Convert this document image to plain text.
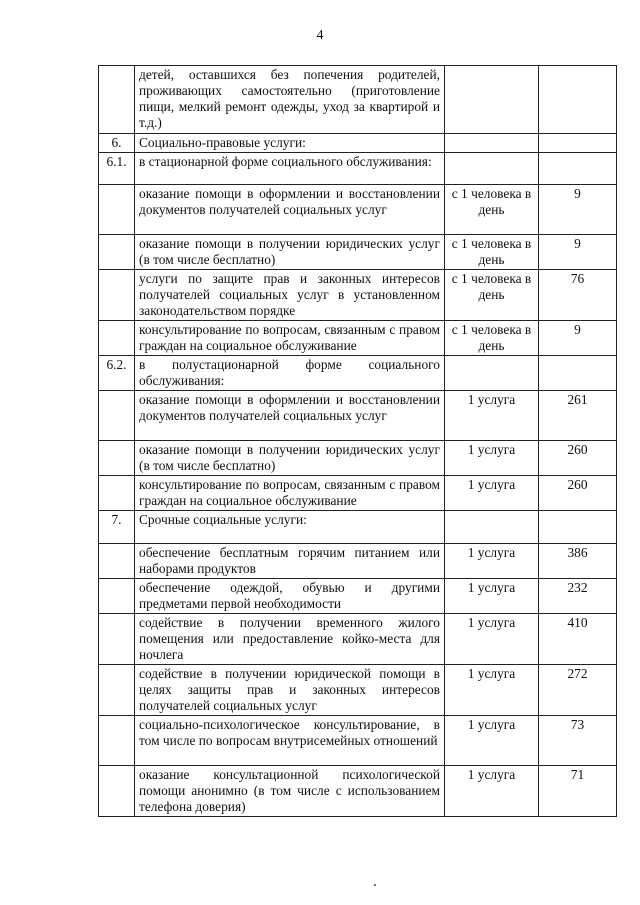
4
	детей, оставшихся без попечения родителей, проживающих самостоятельно (приготовление пищи, мелкий ремонт одежды, уход за квартирой и т.д.)		
6.	Социально-правовые услуги:		
6.1.	в стационарной форме социального обслуживания:		
	оказание помощи в оформлении и восстановлении документов получателей социальных услуг	с 1 человека в день	9
	оказание помощи в получении юридических услуг (в том числе бесплатно)	с 1 человека в день	9
	услуги по защите прав и законных интересов получателей социальных услуг в установленном законодательством порядке	с 1 человека в день	76
	консультирование по вопросам, связанным с правом граждан на социальное обслуживание	с 1 человека в день	9
6.2.	в полустационарной форме социального обслуживания:		
	оказание помощи в оформлении и восстановлении документов получателей социальных услуг	1 услуга	261
	оказание помощи в получении юридических услуг (в том числе бесплатно)	1 услуга	260
	консультирование по вопросам, связанным с правом граждан на социальное обслуживание	1 услуга	260
7.	Срочные социальные услуги:		
	обеспечение бесплатным горячим питанием или наборами продуктов	1 услуга	386
	обеспечение одеждой, обувью и другими предметами первой необходимости	1 услуга	232
	содействие в получении временного жилого помещения или предоставление койко-места для ночлега	1 услуга	410
	содействие в получении юридической помощи в целях защиты прав и законных интересов получателей социальных услуг	1 услуга	272
	социально-психологическое консультирование, в том числе по вопросам внутрисемейных отношений	1 услуга	73
	оказание консультационной психологической помощи анонимно (в том числе с использованием телефона доверия)	1 услуга	71
